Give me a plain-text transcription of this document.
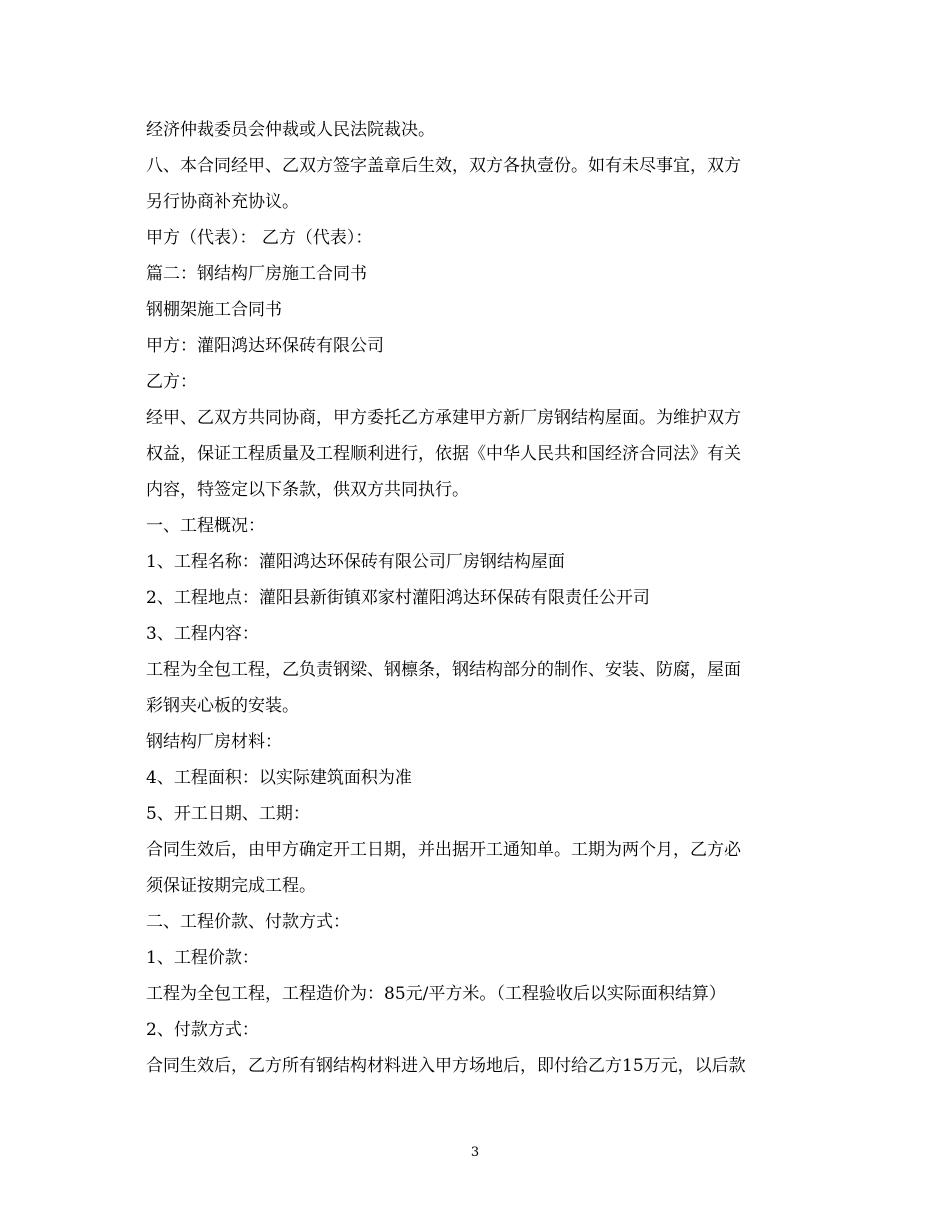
经济仲裁委员会仲裁或人民法院裁决。
八、本合同经甲、乙双方签字盖章后生效，双方各执壹份。如有未尽事宜，双方
另行协商补充协议。
甲方（代表）： 乙方（代表）：
篇二：钢结构厂房施工合同书
钢棚架施工合同书
甲方：灌阳鸿达环保砖有限公司
乙方：
经甲、乙双方共同协商，甲方委托乙方承建甲方新厂房钢结构屋面。为维护双方
权益，保证工程质量及工程顺利进行，依据《中华人民共和国经济合同法》有关
内容，特签定以下条款，供双方共同执行。
一、工程概况：
1、工程名称：灌阳鸿达环保砖有限公司厂房钢结构屋面
2、工程地点：灌阳县新街镇邓家村灌阳鸿达环保砖有限责任公开司
3、工程内容：
工程为全包工程，乙负责钢梁、钢檩条，钢结构部分的制作、安装、防腐，屋面
彩钢夹心板的安装。
钢结构厂房材料：
4、工程面积：以实际建筑面积为准
5、开工日期、工期：
合同生效后，由甲方确定开工日期，并出据开工通知单。工期为两个月，乙方必
须保证按期完成工程。
二、工程价款、付款方式：
1、工程价款：
工程为全包工程，工程造价为：85元/平方米。（工程验收后以实际面积结算）
2、付款方式：
合同生效后，乙方所有钢结构材料进入甲方场地后，即付给乙方15万元，以后款
3
